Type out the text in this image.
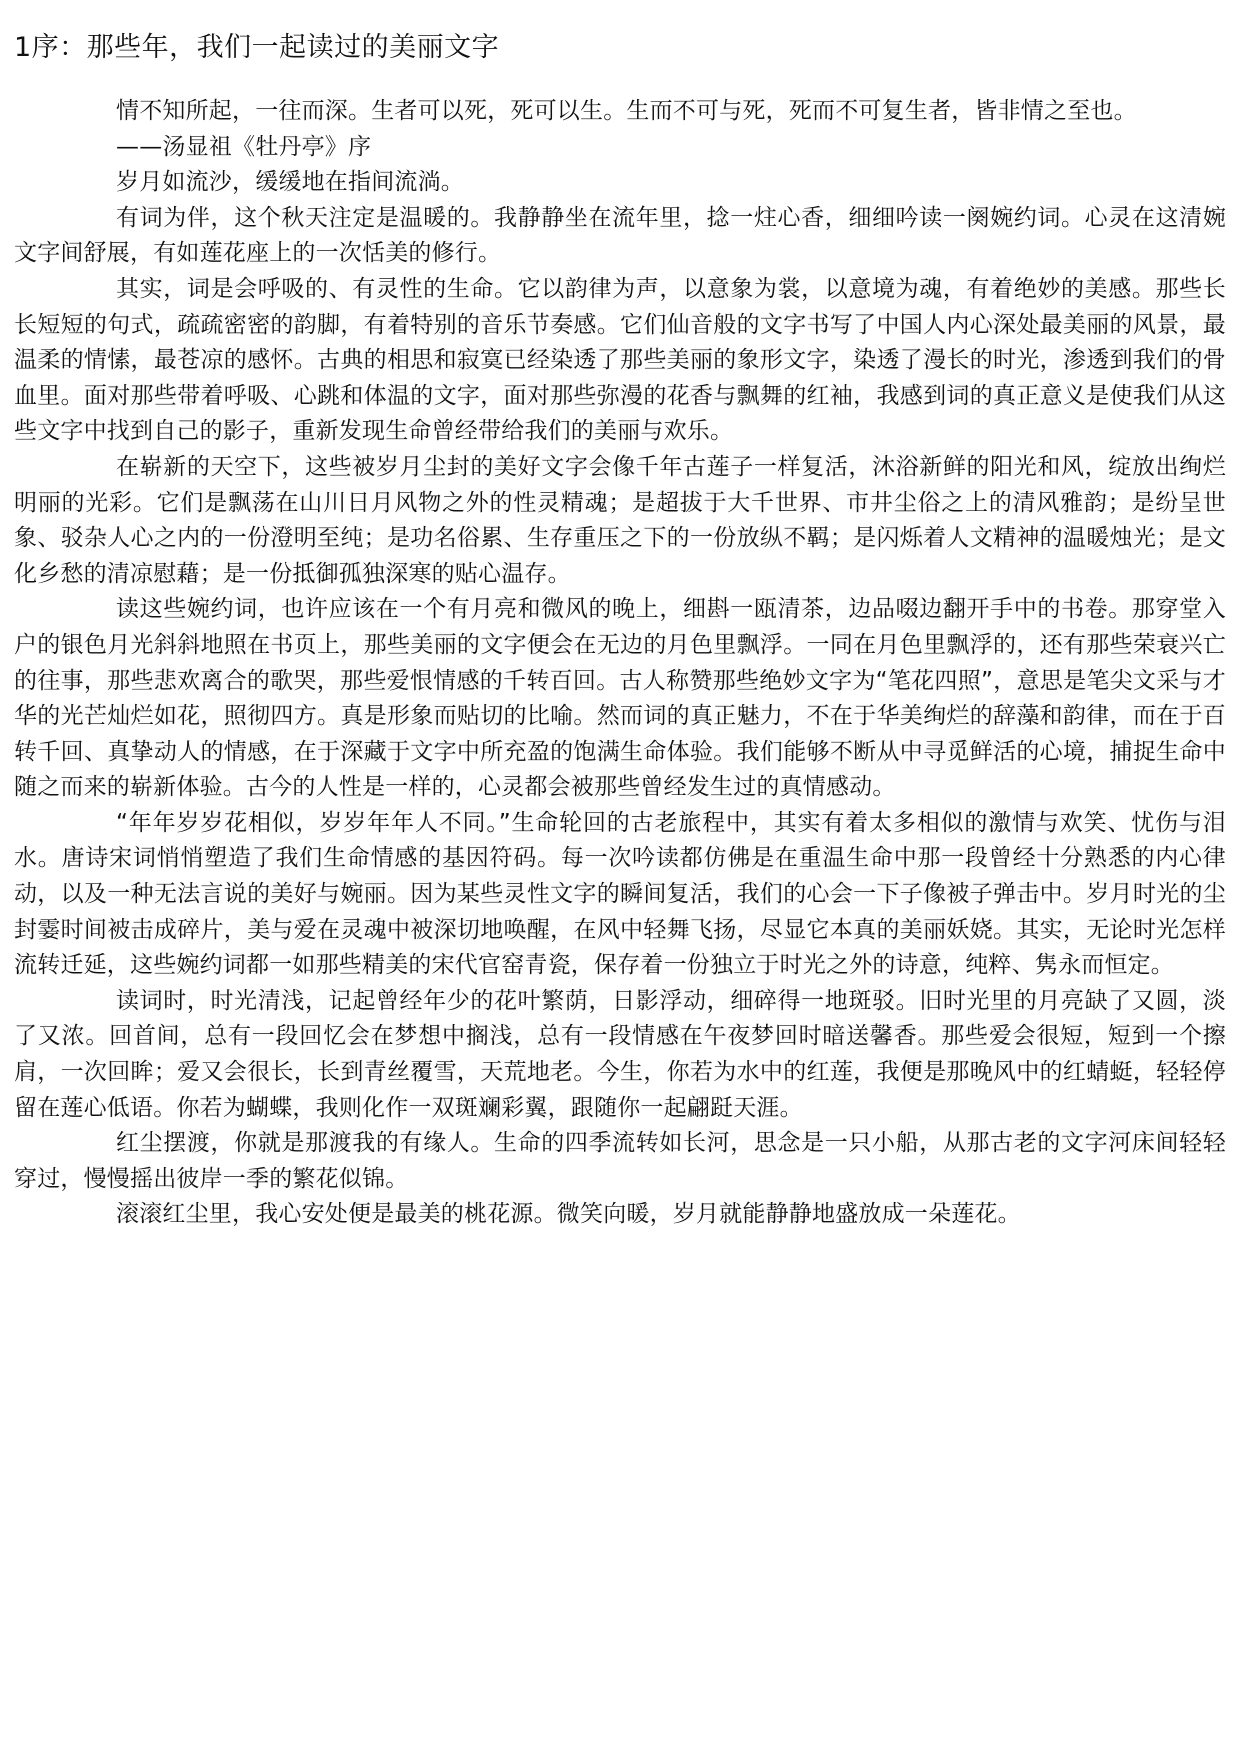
1序：那些年，我们一起读过的美丽文字

情不知所起，一往而深。生者可以死，死可以生。生而不可与死，死而不可复生者，皆非情之至也。

——汤显祖《牡丹亭》序

岁月如流沙，缓缓地在指间流淌。

有词为伴，这个秋天注定是温暖的。我静静坐在流年里，捻一炷心香，细细吟读一阕婉约词。心灵在这清婉文字间舒展，有如莲花座上的一次恬美的修行。

其实，词是会呼吸的、有灵性的生命。它以韵律为声，以意象为裳，以意境为魂，有着绝妙的美感。那些长长短短的句式，疏疏密密的韵脚，有着特别的音乐节奏感。它们仙音般的文字书写了中国人内心深处最美丽的风景，最温柔的情愫，最苍凉的感怀。古典的相思和寂寞已经染透了那些美丽的象形文字，染透了漫长的时光，渗透到我们的骨血里。面对那些带着呼吸、心跳和体温的文字，面对那些弥漫的花香与飘舞的红袖，我感到词的真正意义是使我们从这些文字中找到自己的影子，重新发现生命曾经带给我们的美丽与欢乐。

在崭新的天空下，这些被岁月尘封的美好文字会像千年古莲子一样复活，沐浴新鲜的阳光和风，绽放出绚烂明丽的光彩。它们是飘荡在山川日月风物之外的性灵精魂；是超拔于大千世界、市井尘俗之上的清风雅韵；是纷呈世象、驳杂人心之内的一份澄明至纯；是功名俗累、生存重压之下的一份放纵不羁；是闪烁着人文精神的温暖烛光；是文化乡愁的清凉慰藉；是一份抵御孤独深寒的贴心温存。

读这些婉约词，也许应该在一个有月亮和微风的晚上，细斟一瓯清茶，边品啜边翻开手中的书卷。那穿堂入户的银色月光斜斜地照在书页上，那些美丽的文字便会在无边的月色里飘浮。一同在月色里飘浮的，还有那些荣衰兴亡的往事，那些悲欢离合的歌哭，那些爱恨情感的千转百回。古人称赞那些绝妙文字为“笔花四照”，意思是笔尖文采与才华的光芒灿烂如花，照彻四方。真是形象而贴切的比喻。然而词的真正魅力，不在于华美绚烂的辞藻和韵律，而在于百转千回、真挚动人的情感，在于深藏于文字中所充盈的饱满生命体验。我们能够不断从中寻觅鲜活的心境，捕捉生命中随之而来的崭新体验。古今的人性是一样的，心灵都会被那些曾经发生过的真情感动。

“年年岁岁花相似，岁岁年年人不同。”生命轮回的古老旅程中，其实有着太多相似的激情与欢笑、忧伤与泪水。唐诗宋词悄悄塑造了我们生命情感的基因符码。每一次吟读都仿佛是在重温生命中那一段曾经十分熟悉的内心律动，以及一种无法言说的美好与婉丽。因为某些灵性文字的瞬间复活，我们的心会一下子像被子弹击中。岁月时光的尘封霎时间被击成碎片，美与爱在灵魂中被深切地唤醒，在风中轻舞飞扬，尽显它本真的美丽妖娆。其实，无论时光怎样流转迁延，这些婉约词都一如那些精美的宋代官窑青瓷，保存着一份独立于时光之外的诗意，纯粹、隽永而恒定。

读词时，时光清浅，记起曾经年少的花叶繁荫，日影浮动，细碎得一地斑驳。旧时光里的月亮缺了又圆，淡了又浓。回首间，总有一段回忆会在梦想中搁浅，总有一段情感在午夜梦回时暗送馨香。那些爱会很短，短到一个擦肩，一次回眸；爱又会很长，长到青丝覆雪，天荒地老。今生，你若为水中的红莲，我便是那晚风中的红蜻蜓，轻轻停留在莲心低语。你若为蝴蝶，我则化作一双斑斓彩翼，跟随你一起翩跹天涯。

红尘摆渡，你就是那渡我的有缘人。生命的四季流转如长河，思念是一只小船，从那古老的文字河床间轻轻穿过，慢慢摇出彼岸一季的繁花似锦。

滚滚红尘里，我心安处便是最美的桃花源。微笑向暖，岁月就能静静地盛放成一朵莲花。
